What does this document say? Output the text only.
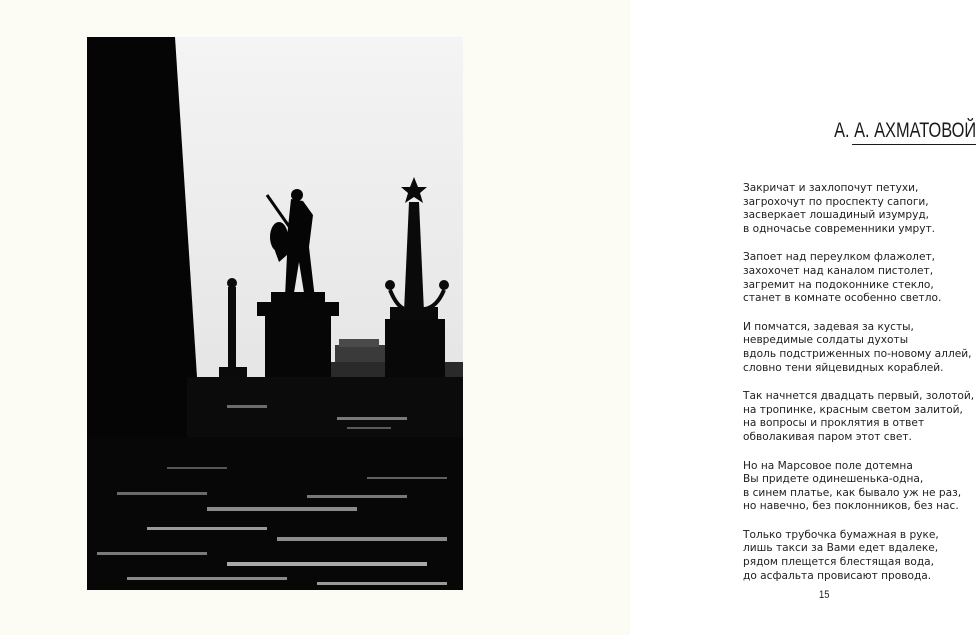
А. А. АХМАТОВОЙ
Закричат и захлопочут петухи,
загрохочут по проспекту сапоги,
засверкает лошадиный изумруд,
в одночасье современники умрут.
Запоет над переулком флажолет,
захохочет над каналом пистолет,
загремит на подоконнике стекло,
станет в комнате особенно светло.
И помчатся, задевая за кусты,
невредимые солдаты духоты
вдоль подстриженных по-новому аллей,
словно тени яйцевидных кораблей.
Так начнется двадцать первый, золотой,
на тропинке, красным светом залитой,
на вопросы и проклятия в ответ
обволакивая паром этот свет.
Но на Марсовое поле дотемна
Вы придете одинешенька-одна,
в синем платье, как бывало уж не раз,
но навечно, без поклонников, без нас.
Только трубочка бумажная в руке,
лишь такси за Вами едет вдалеке,
рядом плещется блестящая вода,
до асфальта провисают провода.
15
